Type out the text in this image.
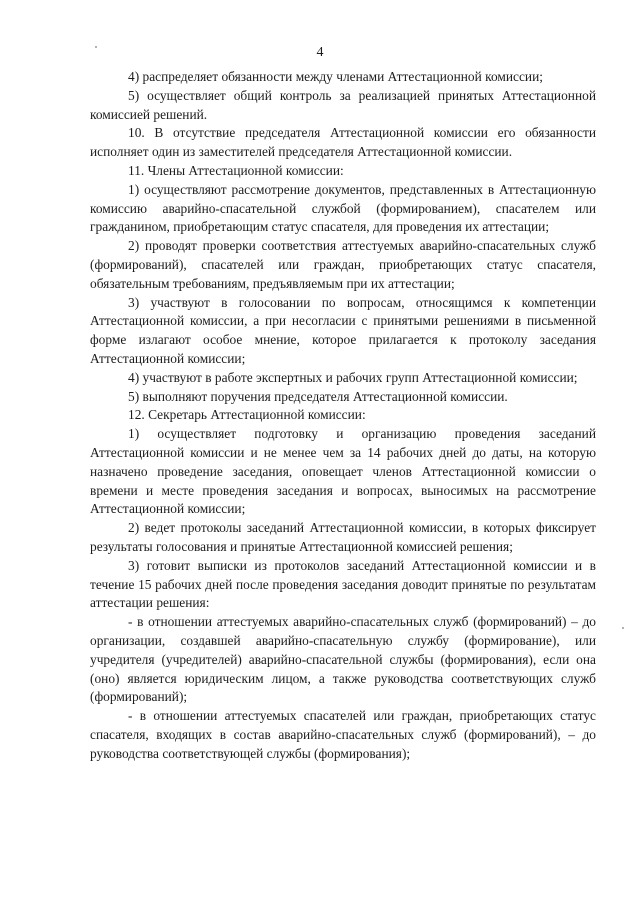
4

4) распределяет обязанности между членами Аттестационной комиссии;

5) осуществляет общий контроль за реализацией принятых Аттестационной комиссией решений.

10. В отсутствие председателя Аттестационной комиссии его обязанности исполняет один из заместителей председателя Аттестационной комиссии.

11. Члены Аттестационной комиссии:

1) осуществляют рассмотрение документов, представленных в Аттестационную комиссию аварийно-спасательной службой (формированием), спасателем или гражданином, приобретающим статус спасателя, для проведения их аттестации;

2) проводят проверки соответствия аттестуемых аварийно-спасательных служб (формирований), спасателей или граждан, приобретающих статус спасателя, обязательным требованиям, предъявляемым при их аттестации;

3) участвуют в голосовании по вопросам, относящимся к компетенции Аттестационной комиссии, а при несогласии с принятыми решениями в письменной форме излагают особое мнение, которое прилагается к протоколу заседания Аттестационной комиссии;

4) участвуют в работе экспертных и рабочих групп Аттестационной комиссии;

5) выполняют поручения председателя Аттестационной комиссии.

12. Секретарь Аттестационной комиссии:

1) осуществляет подготовку и организацию проведения заседаний Аттестационной комиссии и не менее чем за 14 рабочих дней до даты, на которую назначено проведение заседания, оповещает членов Аттестационной комиссии о времени и месте проведения заседания и вопросах, выносимых на рассмотрение Аттестационной комиссии;

2) ведет протоколы заседаний Аттестационной комиссии, в которых фиксирует результаты голосования и принятые Аттестационной комиссией решения;

3) готовит выписки из протоколов заседаний Аттестационной комиссии и в течение 15 рабочих дней после проведения заседания доводит принятые по результатам аттестации решения:

- в отношении аттестуемых аварийно-спасательных служб (формирований) – до организации, создавшей аварийно-спасательную службу (формирование), или учредителя (учредителей) аварийно-спасательной службы (формирования), если она (оно) является юридическим лицом, а также руководства соответствующих служб (формирований);

- в отношении аттестуемых спасателей или граждан, приобретающих статус спасателя, входящих в состав аварийно-спасательных служб (формирований), – до руководства соответствующей службы (формирования);
